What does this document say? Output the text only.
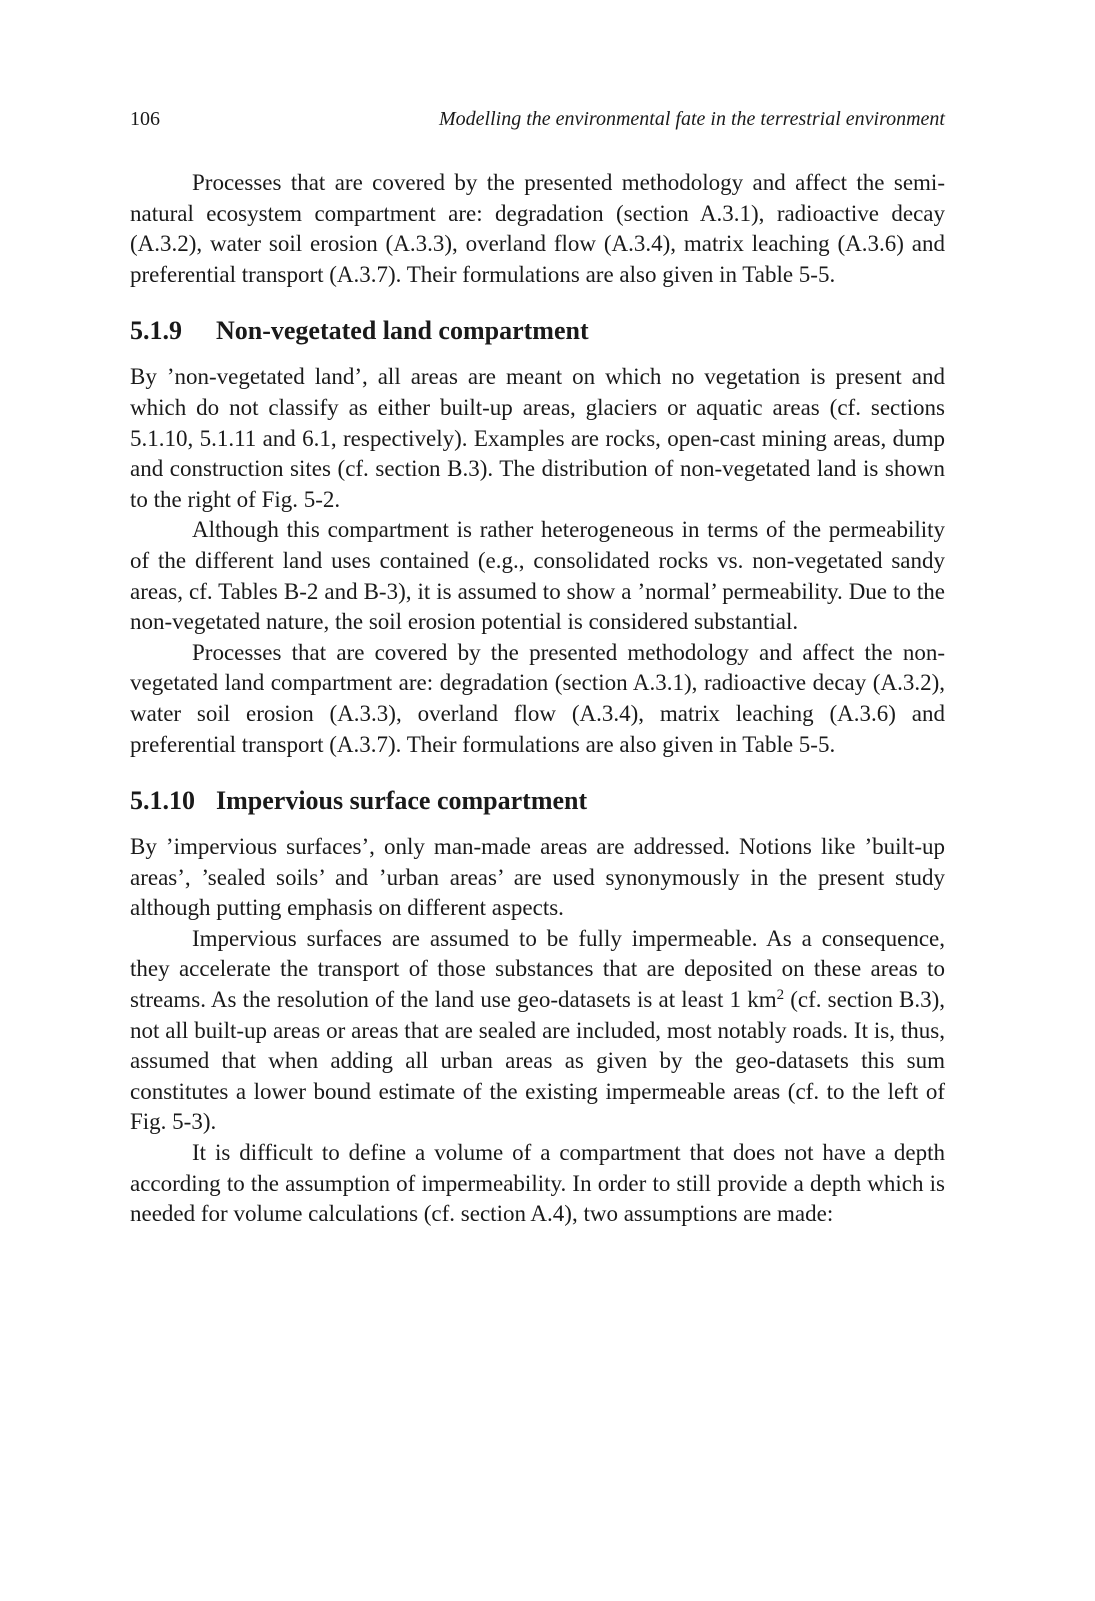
106	Modelling the environmental fate in the terrestrial environment

Processes that are covered by the presented methodology and affect the semi-natural ecosystem compartment are: degradation (section A.3.1), radioactive decay (A.3.2), water soil erosion (A.3.3), overland flow (A.3.4), matrix leaching (A.3.6) and preferential transport (A.3.7). Their formulations are also given in Table 5-5.

5.1.9 Non-vegetated land compartment

By ’non-vegetated land’, all areas are meant on which no vegetation is present and which do not classify as either built-up areas, glaciers or aquatic areas (cf. sections 5.1.10, 5.1.11 and 6.1, respectively). Examples are rocks, open-cast mining areas, dump and construction sites (cf. section B.3). The distribution of non-vegetated land is shown to the right of Fig. 5-2.

Although this compartment is rather heterogeneous in terms of the permeability of the different land uses contained (e.g., consolidated rocks vs. non-vegetated sandy areas, cf. Tables B-2 and B-3), it is assumed to show a ’normal’ permeability. Due to the non-vegetated nature, the soil erosion potential is considered substantial.

Processes that are covered by the presented methodology and affect the non-vegetated land compartment are: degradation (section A.3.1), radioactive decay (A.3.2), water soil erosion (A.3.3), overland flow (A.3.4), matrix leaching (A.3.6) and preferential transport (A.3.7). Their formulations are also given in Table 5-5.

5.1.10 Impervious surface compartment

By ’impervious surfaces’, only man-made areas are addressed. Notions like ’built-up areas’, ’sealed soils’ and ’urban areas’ are used synonymously in the present study although putting emphasis on different aspects.

Impervious surfaces are assumed to be fully impermeable. As a consequence, they accelerate the transport of those substances that are deposited on these areas to streams. As the resolution of the land use geo-datasets is at least 1 $km^2$ (cf. section B.3), not all built-up areas or areas that are sealed are included, most notably roads. It is, thus, assumed that when adding all urban areas as given by the geo-datasets this sum constitutes a lower bound estimate of the existing impermeable areas (cf. to the left of Fig. 5-3).

It is difficult to define a volume of a compartment that does not have a depth according to the assumption of impermeability. In order to still provide a depth which is needed for volume calculations (cf. section A.4), two assumptions are made:
